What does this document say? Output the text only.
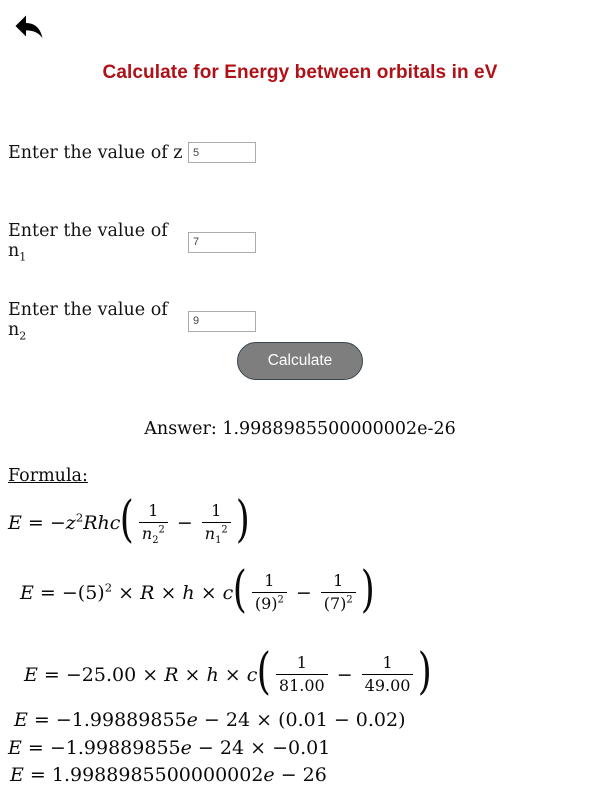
Calculate for Energy between orbitals in eV
Enter the value of z
5
Enter the value of $n_1$
7
Enter the value of $n_2$
9
Calculate
Answer: 1.9988985500000002e-26
Formula:
$E = -z^2Rhc$ ( $\frac{1}{n_2^2} - \frac{1}{n_1^2}$ )
$E = -(5)^2 \times R \times h \times c$ ( $\frac{1}{(9)^2} - \frac{1}{(7)^2}$ )
E = −25.00 × R × h × c ( $\frac{1}{81.00} - \frac{1}{49.00}$ )
E = −1.99889855e − 24 × (0.01 − 0.02)
E = −1.99889855e − 24 × −0.01
E = 1.9988985500000002e − 26
